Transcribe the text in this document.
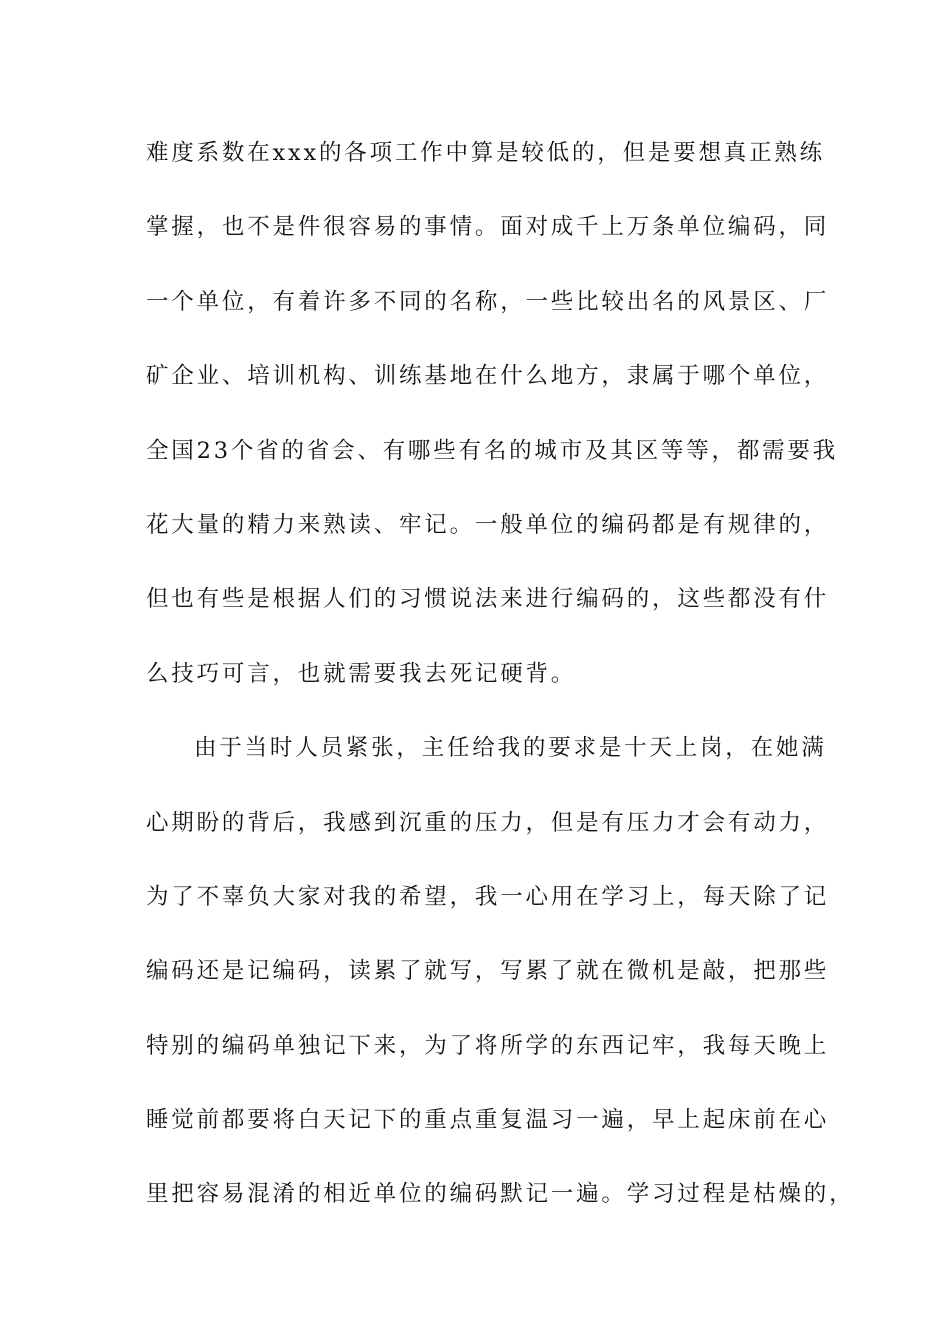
难度系数在xxx的各项工作中算是较低的，但是要想真正熟练
掌握，也不是件很容易的事情。面对成千上万条单位编码，同
一个单位，有着许多不同的名称，一些比较出名的风景区、厂
矿企业、培训机构、训练基地在什么地方，隶属于哪个单位，
全国23个省的省会、有哪些有名的城市及其区等等，都需要我
花大量的精力来熟读、牢记。一般单位的编码都是有规律的，
但也有些是根据人们的习惯说法来进行编码的，这些都没有什
么技巧可言，也就需要我去死记硬背。
由于当时人员紧张，主任给我的要求是十天上岗，在她满
心期盼的背后，我感到沉重的压力，但是有压力才会有动力，
为了不辜负大家对我的希望，我一心用在学习上，每天除了记
编码还是记编码，读累了就写，写累了就在微机是敲，把那些
特别的编码单独记下来，为了将所学的东西记牢，我每天晚上
睡觉前都要将白天记下的重点重复温习一遍，早上起床前在心
里把容易混淆的相近单位的编码默记一遍。学习过程是枯燥的，
